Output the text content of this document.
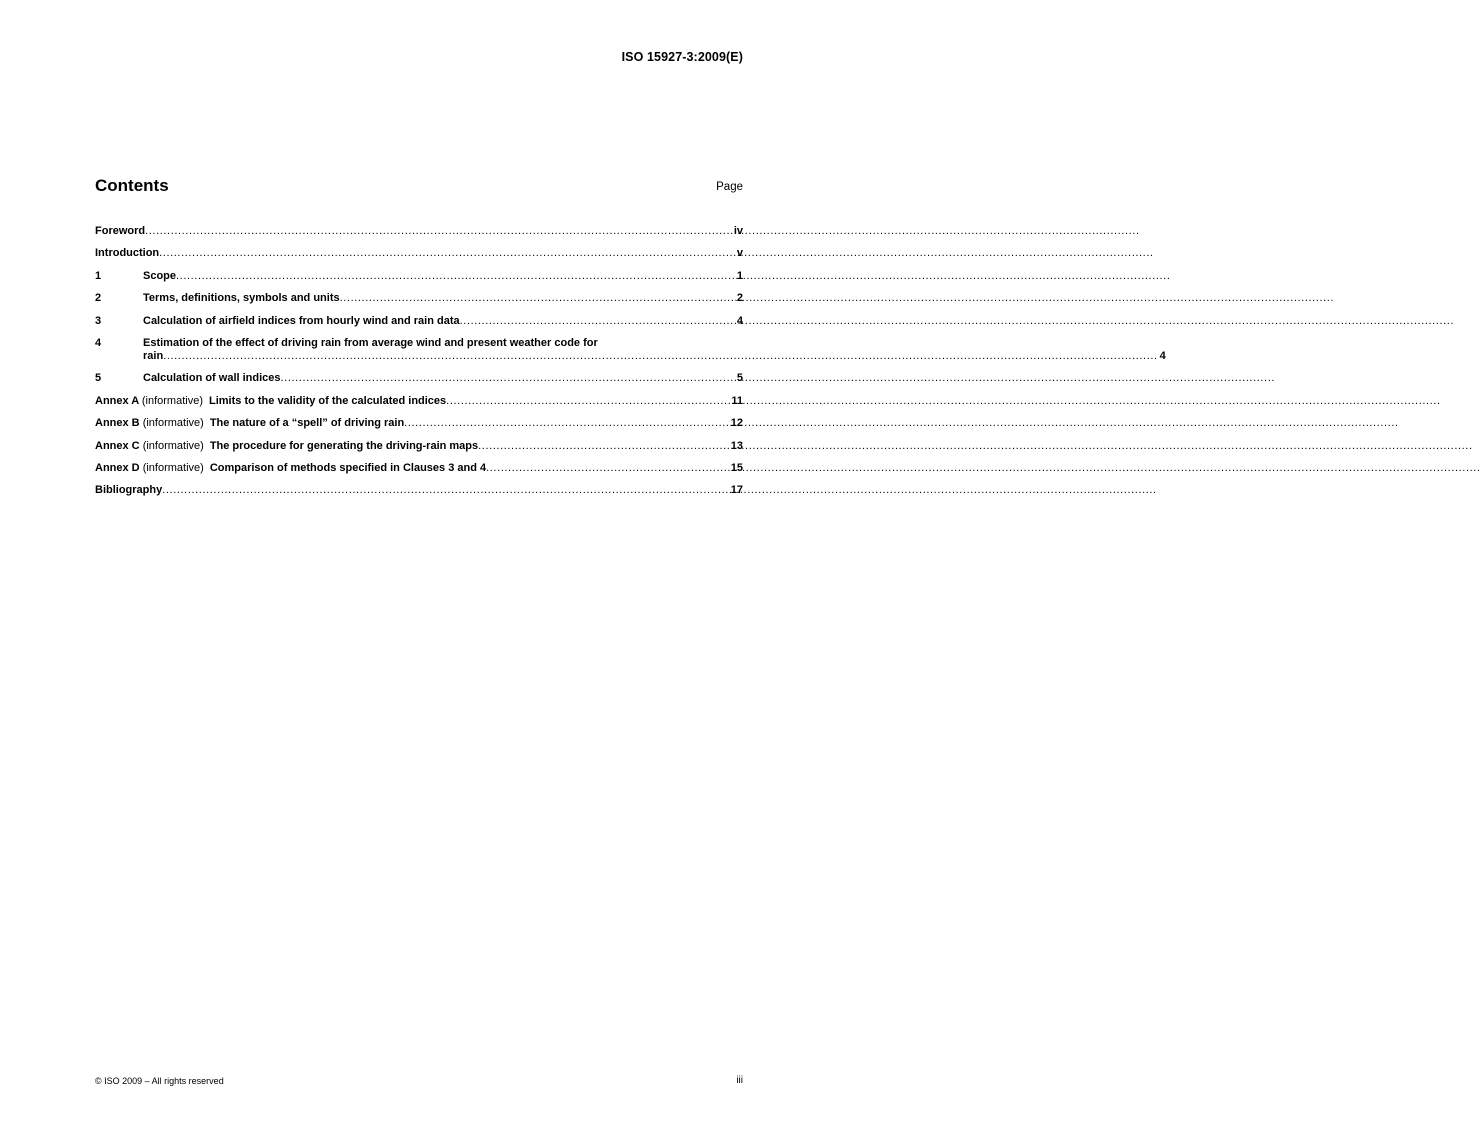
ISO 15927-3:2009(E)
Contents	Page
Foreword .....	iv
Introduction .....	v
1	Scope .....	1
2	Terms, definitions, symbols and units .....	2
3	Calculation of airfield indices from hourly wind and rain data .....	4
4	Estimation of the effect of driving rain from average wind and present weather code for
rain .....	4
5	Calculation of wall indices .....	5
Annex A (informative) Limits to the validity of the calculated indices .....	11
Annex B (informative) The nature of a “spell” of driving rain .....	12
Annex C (informative) The procedure for generating the driving-rain maps .....	13
Annex D (informative) Comparison of methods specified in Clauses 3 and 4 .....	15
Bibliography .....	17
© ISO 2009 – All rights reserved	iii
